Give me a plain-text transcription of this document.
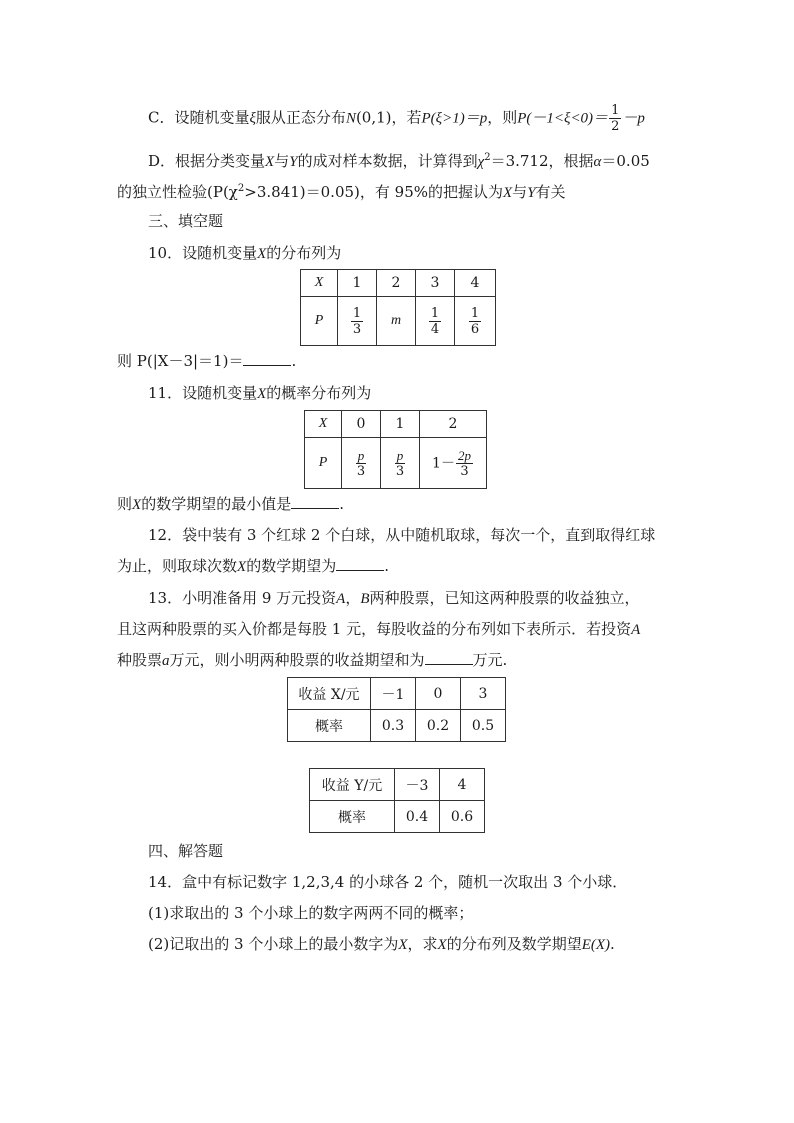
C．设随机变量ξ服从正态分布N(0,1)，若P(ξ>1)＝p，则$P(-1<\xi<0)= \frac{1}{2} -p$
D．根据分类变量X与Y的成对样本数据，计算得到$\chi^2=3.712$，根据α＝0.05
的独立性检验$(P(\chi^2>3.841)=0.05)$，有 95%的把握认为X与Y有关
三、填空题
10．设随机变量X的分布列为
X	1	2	3	4
P	$\frac{1}{3}$	m	$\frac{1}{4}$	$\frac{1}{6}$
则 P(|X－3|＝1)＝	.
11．设随机变量X的概率分布列为
X	0	1	2
P	$\frac{p}{3}$	$\frac{p}{3}$	$1- \frac{2p}{3}$
则X的数学期望的最小值是	.
12．袋中装有 3 个红球 2 个白球，从中随机取球，每次一个，直到取得红球
为止，则取球次数X的数学期望为	.
13．小明准备用 9 万元投资A，B两种股票，已知这两种股票的收益独立，
且这两种股票的买入价都是每股 1 元，每股收益的分布列如下表所示．若投资A
种股票a万元，则小明两种股票的收益期望和为	万元.
收益 X/元	－1	0	3
概率	0.3	0.2	0.5
收益 Y/元	－3	4
概率	0.4	0.6
四、解答题
14．盒中有标记数字 1,2,3,4 的小球各 2 个，随机一次取出 3 个小球．
(1)求取出的 3 个小球上的数字两两不同的概率；
(2)记取出的 3 个小球上的最小数字为X，求X的分布列及数学期望E(X).
